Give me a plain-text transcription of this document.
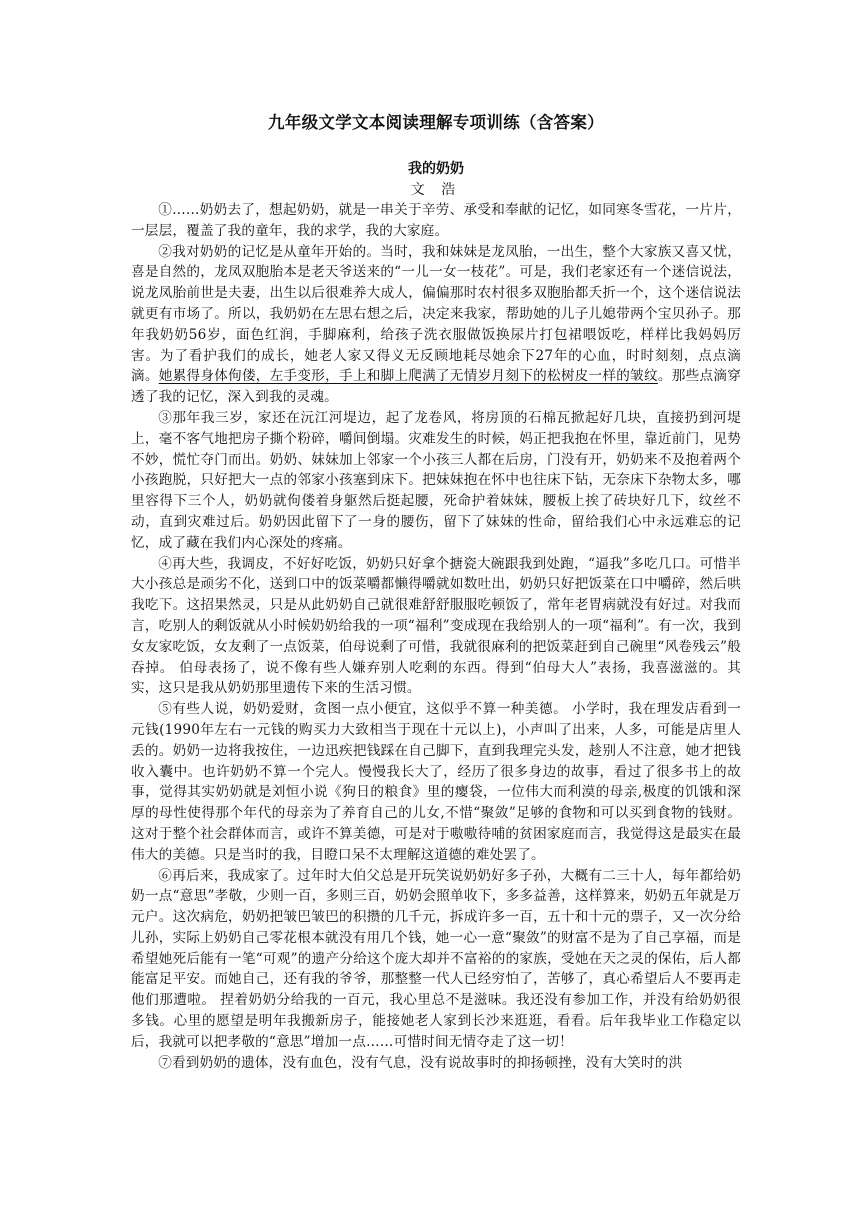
九年级文学文本阅读理解专项训练（含答案）
我的奶奶
文 浩

①……奶奶去了，想起奶奶，就是一串关于辛劳、承受和奉献的记忆，如同寒冬雪花，一片片，一层层，覆盖了我的童年，我的求学，我的大家庭。

②我对奶奶的记忆是从童年开始的。当时，我和妹妹是龙凤胎，一出生，整个大家族又喜又忧，喜是自然的，龙凤双胞胎本是老天爷送来的“一儿一女一枝花”。可是，我们老家还有一个迷信说法，说龙凤胎前世是夫妻，出生以后很难养大成人，偏偏那时农村很多双胞胎都夭折一个，这个迷信说法就更有市场了。所以，我奶奶在左思右想之后，决定来我家，帮助她的儿子儿媳带两个宝贝孙子。那年我奶奶56岁，面色红润，手脚麻利，给孩子洗衣服做饭换尿片打包裙喂饭吃，样样比我妈妈厉害。为了看护我们的成长，她老人家又得义无反顾地耗尽她余下27年的心血，时时刻刻，点点滴滴。她累得身体佝偻，左手变形，手上和脚上爬满了无情岁月刻下的松树皮一样的皱纹。那些点滴穿透了我的记忆，深入到我的灵魂。

③那年我三岁，家还在沅江河堤边，起了龙卷风，将房顶的石棉瓦掀起好几块，直接扔到河堤上，毫不客气地把房子撕个粉碎，嚼间倒塌。灾难发生的时候，妈正把我抱在怀里，靠近前门，见势不妙，慌忙夺门而出。奶奶、妹妹加上邻家一个小孩三人都在后房，门没有开，奶奶来不及抱着两个小孩跑脱，只好把大一点的邻家小孩塞到床下。把妹妹抱在怀中也往床下钻，无奈床下杂物太多，哪里容得下三个人，奶奶就佝偻着身躯然后挺起腰，死命护着妹妹，腰板上挨了砖块好几下，纹丝不动，直到灾难过后。奶奶因此留下了一身的腰伤，留下了妹妹的性命，留给我们心中永远难忘的记忆，成了藏在我们内心深处的疼痛。

④再大些，我调皮，不好好吃饭，奶奶只好拿个搪瓷大碗跟我到处跑，“逼我”多吃几口。可惜半大小孩总是顽劣不化，送到口中的饭菜嚼都懒得嚼就如数吐出，奶奶只好把饭菜在口中嚼碎，然后哄我吃下。这招果然灵，只是从此奶奶自己就很难舒舒服服吃顿饭了，常年老胃病就没有好过。对我而言，吃别人的剩饭就从小时候奶奶给我的一项“福利”变成现在我给别人的一项“福利”。有一次，我到女友家吃饭，女友剩了一点饭菜，伯母说剩了可惜，我就很麻利的把饭菜赶到自己碗里“风卷残云”般吞掉。 伯母表扬了，说不像有些人嫌弃别人吃剩的东西。得到“伯母大人”表扬，我喜滋滋的。其实，这只是我从奶奶那里遗传下来的生活习惯。

⑤有些人说，奶奶爱财，贪图一点小便宜，这似乎不算一种美德。 小学时，我在理发店看到一元钱(1990年左右一元钱的购买力大致相当于现在十元以上)，小声叫了出来，人多，可能是店里人丢的。奶奶一边将我按住，一边迅疾把钱踩在自己脚下，直到我理完头发，趁别人不注意，她才把钱收入囊中。也许奶奶不算一个完人。慢慢我长大了，经历了很多身边的故事，看过了很多书上的故事，觉得其实奶奶就是刘恒小说《狗日的粮食》里的瘿袋，一位伟大而利漠的母亲,极度的饥饿和深厚的母性使得那个年代的母亲为了养育自己的儿女,不惜“聚敛”足够的食物和可以买到食物的钱财。这对于整个社会群体而言，或许不算美德，可是对于嗷嗷待哺的贫困家庭而言，我觉得这是最实在最伟大的美德。只是当时的我，目瞪口呆不太理解这道德的难处罢了。

⑥再后来，我成家了。过年时大伯父总是开玩笑说奶奶好多子孙，大概有二三十人，每年都给奶奶一点“意思”孝敬，少则一百，多则三百，奶奶会照单收下，多多益善，这样算来，奶奶五年就是万元户。这次病危，奶奶把皱巴皱巴的积攒的几千元，拆成许多一百，五十和十元的票子，又一次分给儿孙，实际上奶奶自己零花根本就没有用几个钱，她一心一意“聚敛”的财富不是为了自己享福，而是希望她死后能有一笔“可观”的遗产分给这个庞大却并不富裕的的家族，受她在天之灵的保佑，后人都能富足平安。而她自己，还有我的爷爷，那整整一代人已经穷怕了，苦够了，真心希望后人不要再走他们那遭啦。 捏着奶奶分给我的一百元，我心里总不是滋味。我还没有参加工作，并没有给奶奶很多钱。心里的愿望是明年我搬新房子，能接她老人家到长沙来逛逛，看看。后年我毕业工作稳定以后，我就可以把孝敬的“意思”增加一点……可惜时间无情夺走了这一切！

⑦看到奶奶的遗体，没有血色，没有气息，没有说故事时的抑扬顿挫，没有大笑时的洪
